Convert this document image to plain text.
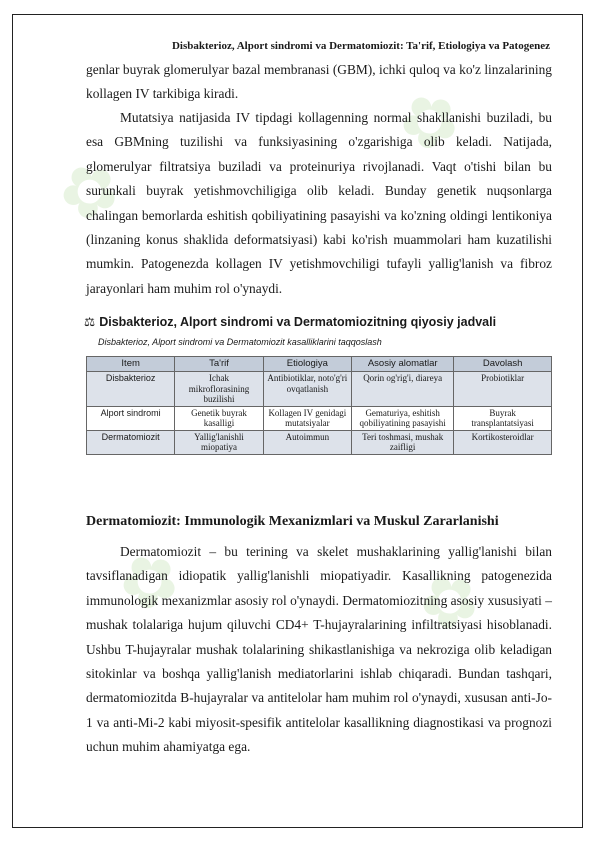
✿
✿
✿
✿
Disbakterioz, Alport sindromi va Dermatomiozit: Ta'rif, Etiologiya va Patogenez
genlar buyrak glomerulyar bazal membranasi (GBM), ichki quloq va ko'z linzalarining kollagen IV tarkibiga kiradi.
Mutatsiya natijasida IV tipdagi kollagenning normal shakllanishi buziladi, bu esa GBMning tuzilishi va funksiyasining o'zgarishiga olib keladi. Natijada, glomerulyar filtratsiya buziladi va proteinuriya rivojlanadi. Vaqt o'tishi bilan bu surunkali buyrak yetishmovchiligiga olib keladi. Bunday genetik nuqsonlarga chalingan bemorlarda eshitish qobiliyatining pasayishi va ko'zning oldingi lentikoniya (linzaning konus shaklida deformatsiyasi) kabi ko'rish muammolari ham kuzatilishi mumkin. Patogenezda kollagen IV yetishmovchiligi tufayli yallig'lanish va fibroz jarayonlari ham muhim rol o'ynaydi.
⚖ Disbakterioz, Alport sindromi va Dermatomiozitning qiyosiy jadvali
Disbakterioz, Alport sindromi va Dermatomiozit kasalliklarini taqqoslash
Item	Ta'rif	Etiologiya	Asosiy alomatlar	Davolash
Disbakterioz	Ichak mikroflorasining buzilishi	Antibiotiklar, noto'g'ri ovqatlanish	Qorin og'rig'i, diareya	Probiotiklar
Alport sindromi	Genetik buyrak kasalligi	Kollagen IV genidagi mutatsiyalar	Gematuriya, eshitish qobiliyatining pasayishi	Buyrak transplantatsiyasi
Dermatomiozit	Yallig'lanishli miopatiya	Autoimmun	Teri toshmasi, mushak zaifligi	Kortikosteroidlar
Dermatomiozit: Immunologik Mexanizmlari va Muskul Zararlanishi
Dermatomiozit – bu terining va skelet mushaklarining yallig'lanishi bilan tavsiflanadigan idiopatik yallig'lanishli miopatiyadir. Kasallikning patogenezida immunologik mexanizmlar asosiy rol o'ynaydi. Dermatomiozitning asosiy xususiyati – mushak tolalariga hujum qiluvchi CD4+ T-hujayralarining infiltratsiyasi hisoblanadi. Ushbu T-hujayralar mushak tolalarining shikastlanishiga va nekroziga olib keladigan sitokinlar va boshqa yallig'lanish mediatorlarini ishlab chiqaradi. Bundan tashqari, dermatomiozitda B-hujayralar va antitelolar ham muhim rol o'ynaydi, xususan anti-Jo-1 va anti-Mi-2 kabi miyosit-spesifik antitelolar kasallikning diagnostikasi va prognozi uchun muhim ahamiyatga ega.
